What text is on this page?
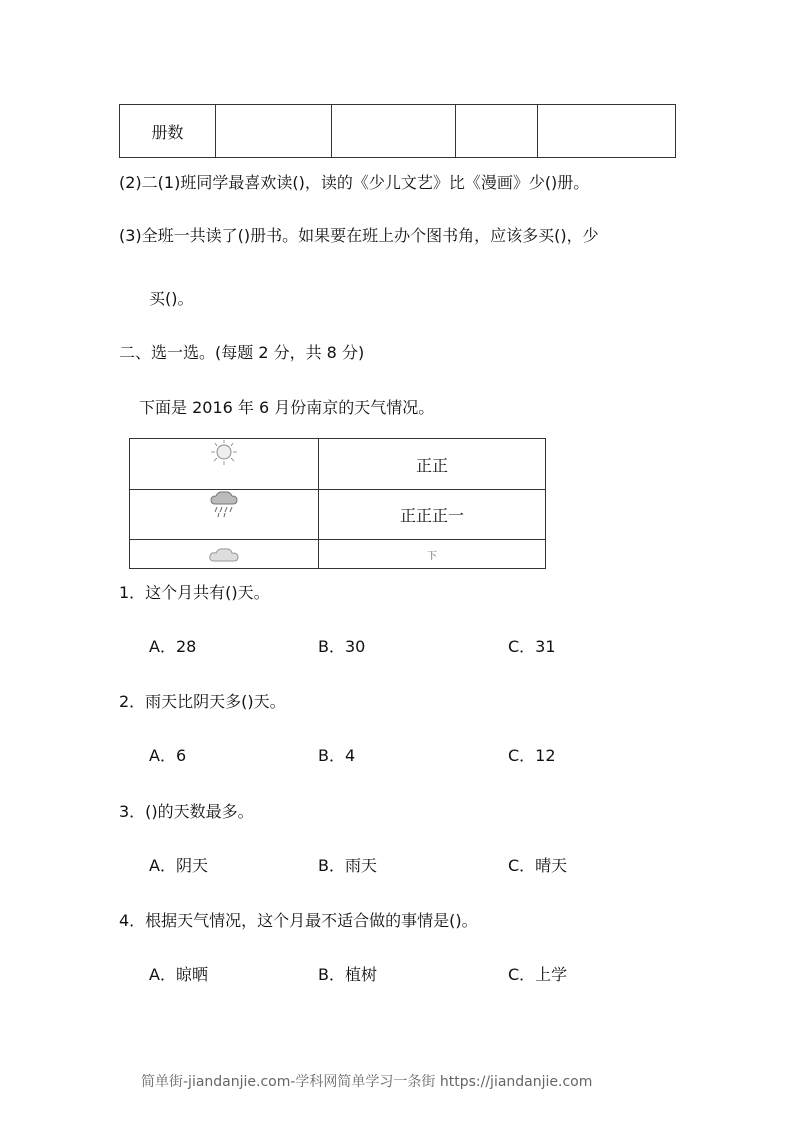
册数				
(2)二(1)班同学最喜欢读()，读的《少儿文艺》比《漫画》少()册。
(3)全班一共读了()册书。如果要在班上办个图书角，应该多买()，少
买()。
二、选一选。(每题 2 分，共 8 分)
下面是 2016 年 6 月份南京的天气情况。
	正正
	正正正一
	下
1．这个月共有()天。
A．28	B．30	C．31
2．雨天比阴天多()天。
A．6	B．4	C．12
3．()的天数最多。
A．阴天	B．雨天	C．晴天
4．根据天气情况，这个月最不适合做的事情是()。
A．晾晒	B．植树	C．上学
简单街-jiandanjie.com-学科网简单学习一条街 https://jiandanjie.com
